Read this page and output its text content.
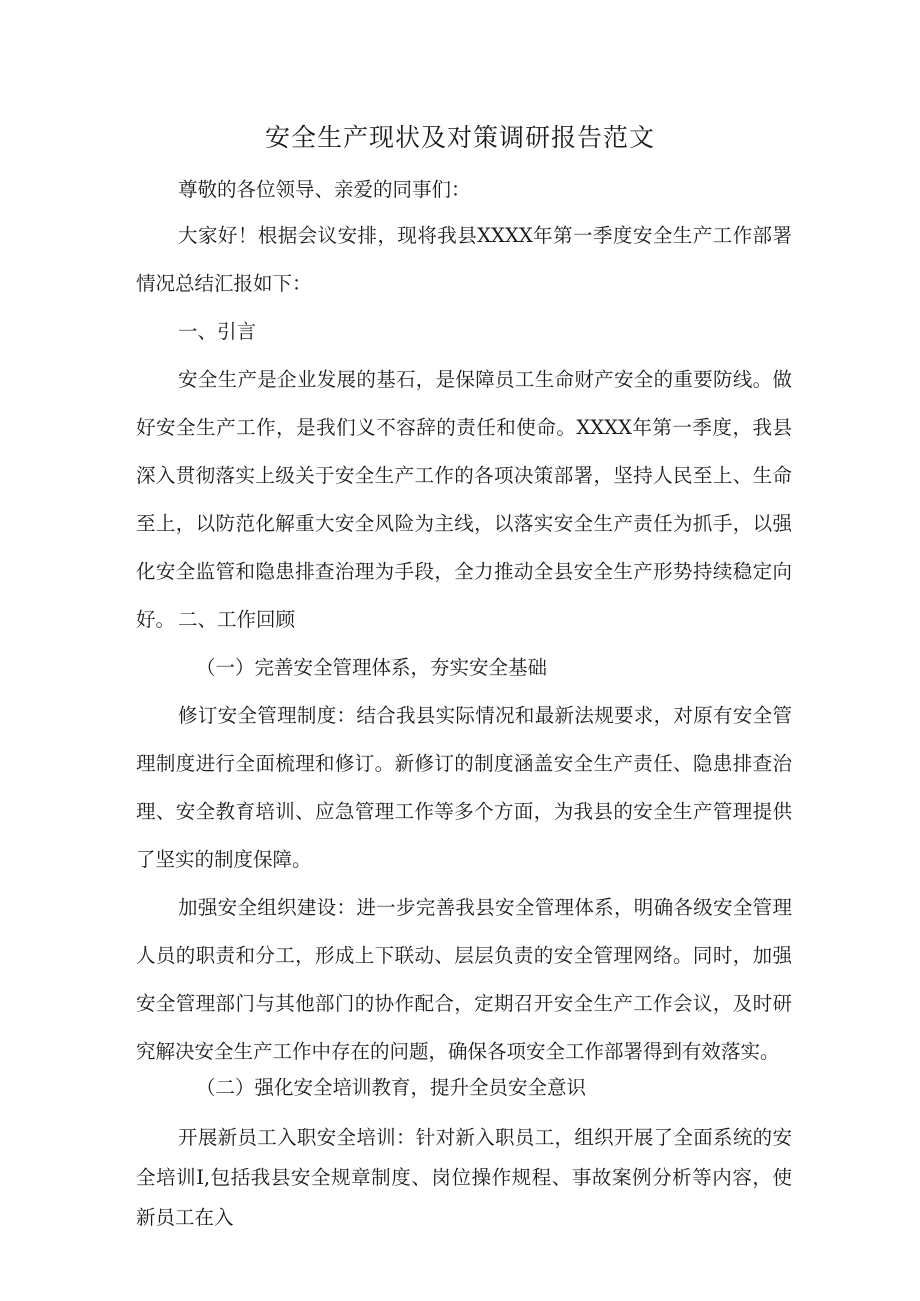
安全生产现状及对策调研报告范文

尊敬的各位领导、亲爱的同事们：

大家好！根据会议安排，现将我县XXXX年第一季度安全生产工作部署情况总结汇报如下：

一、引言

安全生产是企业发展的基石，是保障员工生命财产安全的重要防线。做好安全生产工作，是我们义不容辞的责任和使命。XXXX年第一季度，我县深入贯彻落实上级关于安全生产工作的各项决策部署，坚持人民至上、生命至上，以防范化解重大安全风险为主线，以落实安全生产责任为抓手，以强化安全监管和隐患排查治理为手段，全力推动全县安全生产形势持续稳定向好。 二、工作回顾

（一）完善安全管理体系，夯实安全基础

修订安全管理制度：结合我县实际情况和最新法规要求，对原有安全管理制度进行全面梳理和修订。新修订的制度涵盖安全生产责任、隐患排查治理、安全教育培训、应急管理工作等多个方面，为我县的安全生产管理提供了坚实的制度保障。

加强安全组织建设：进一步完善我县安全管理体系，明确各级安全管理人员的职责和分工，形成上下联动、层层负责的安全管理网络。同时，加强安全管理部门与其他部门的协作配合，定期召开安全生产工作会议，及时研究解决安全生产工作中存在的问题，确保各项安全工作部署得到有效落实。

（二）强化安全培训教育，提升全员安全意识

开展新员工入职安全培训：针对新入职员工，组织开展了全面系统的安全培训I,包括我县安全规章制度、岗位操作规程、事故案例分析等内容，使新员工在入
